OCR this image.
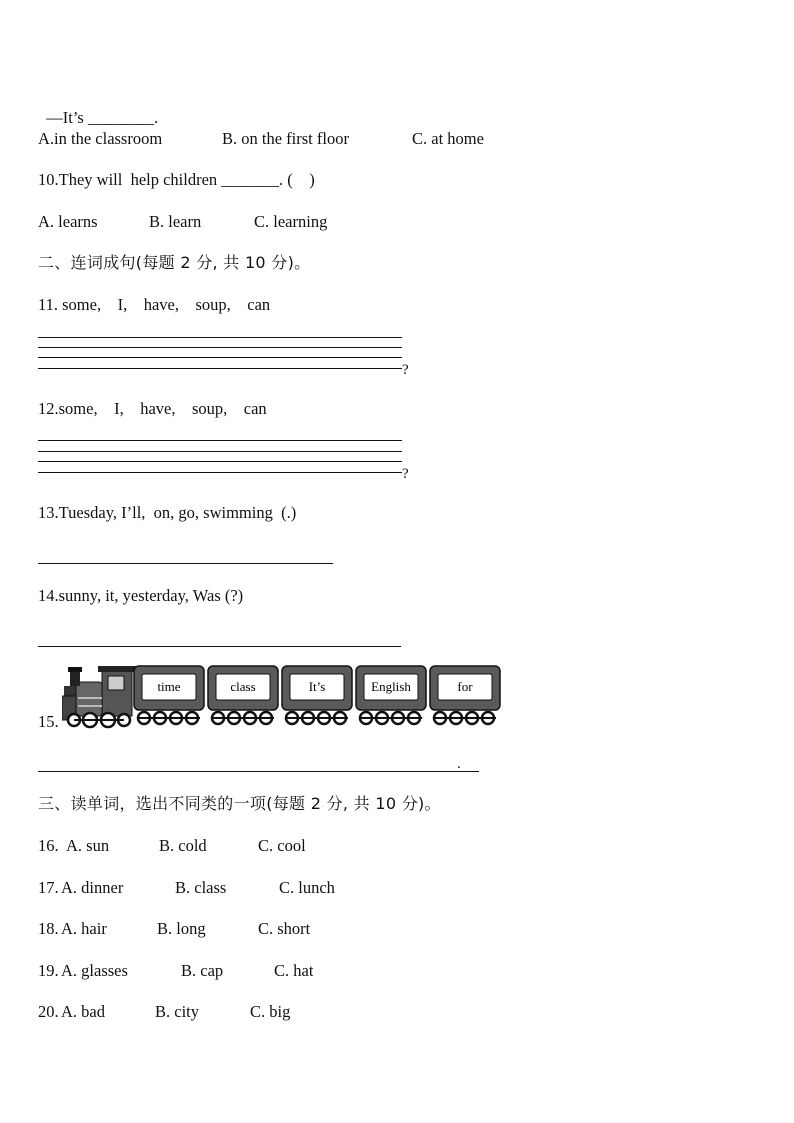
—It’s ________.

A.in the classroom	B. on the first floor	C. at home
10.They will  help children _______. (    )
A. learns	B. learn	C. learning
二、连词成句(每题 2 分, 共 10 分)。
11. some,    I,    have,    soup,    can
?
12.some,    I,    have,    soup,    can
?
13.Tuesday, I’ll,  on, go, swimming  (.)
14.sunny, it, yesterday, Was (?)
15.
time	class	It’s	English	for
.
三、读单词，选出不同类的一项(每题 2 分, 共 10 分)。
16. A. sun	B. cold	C. cool
17. A. dinner	B. class	C. lunch
18. A. hair	B. long	C. short
19. A. glasses	B. cap	C. hat
20. A. bad	B. city	C. big
